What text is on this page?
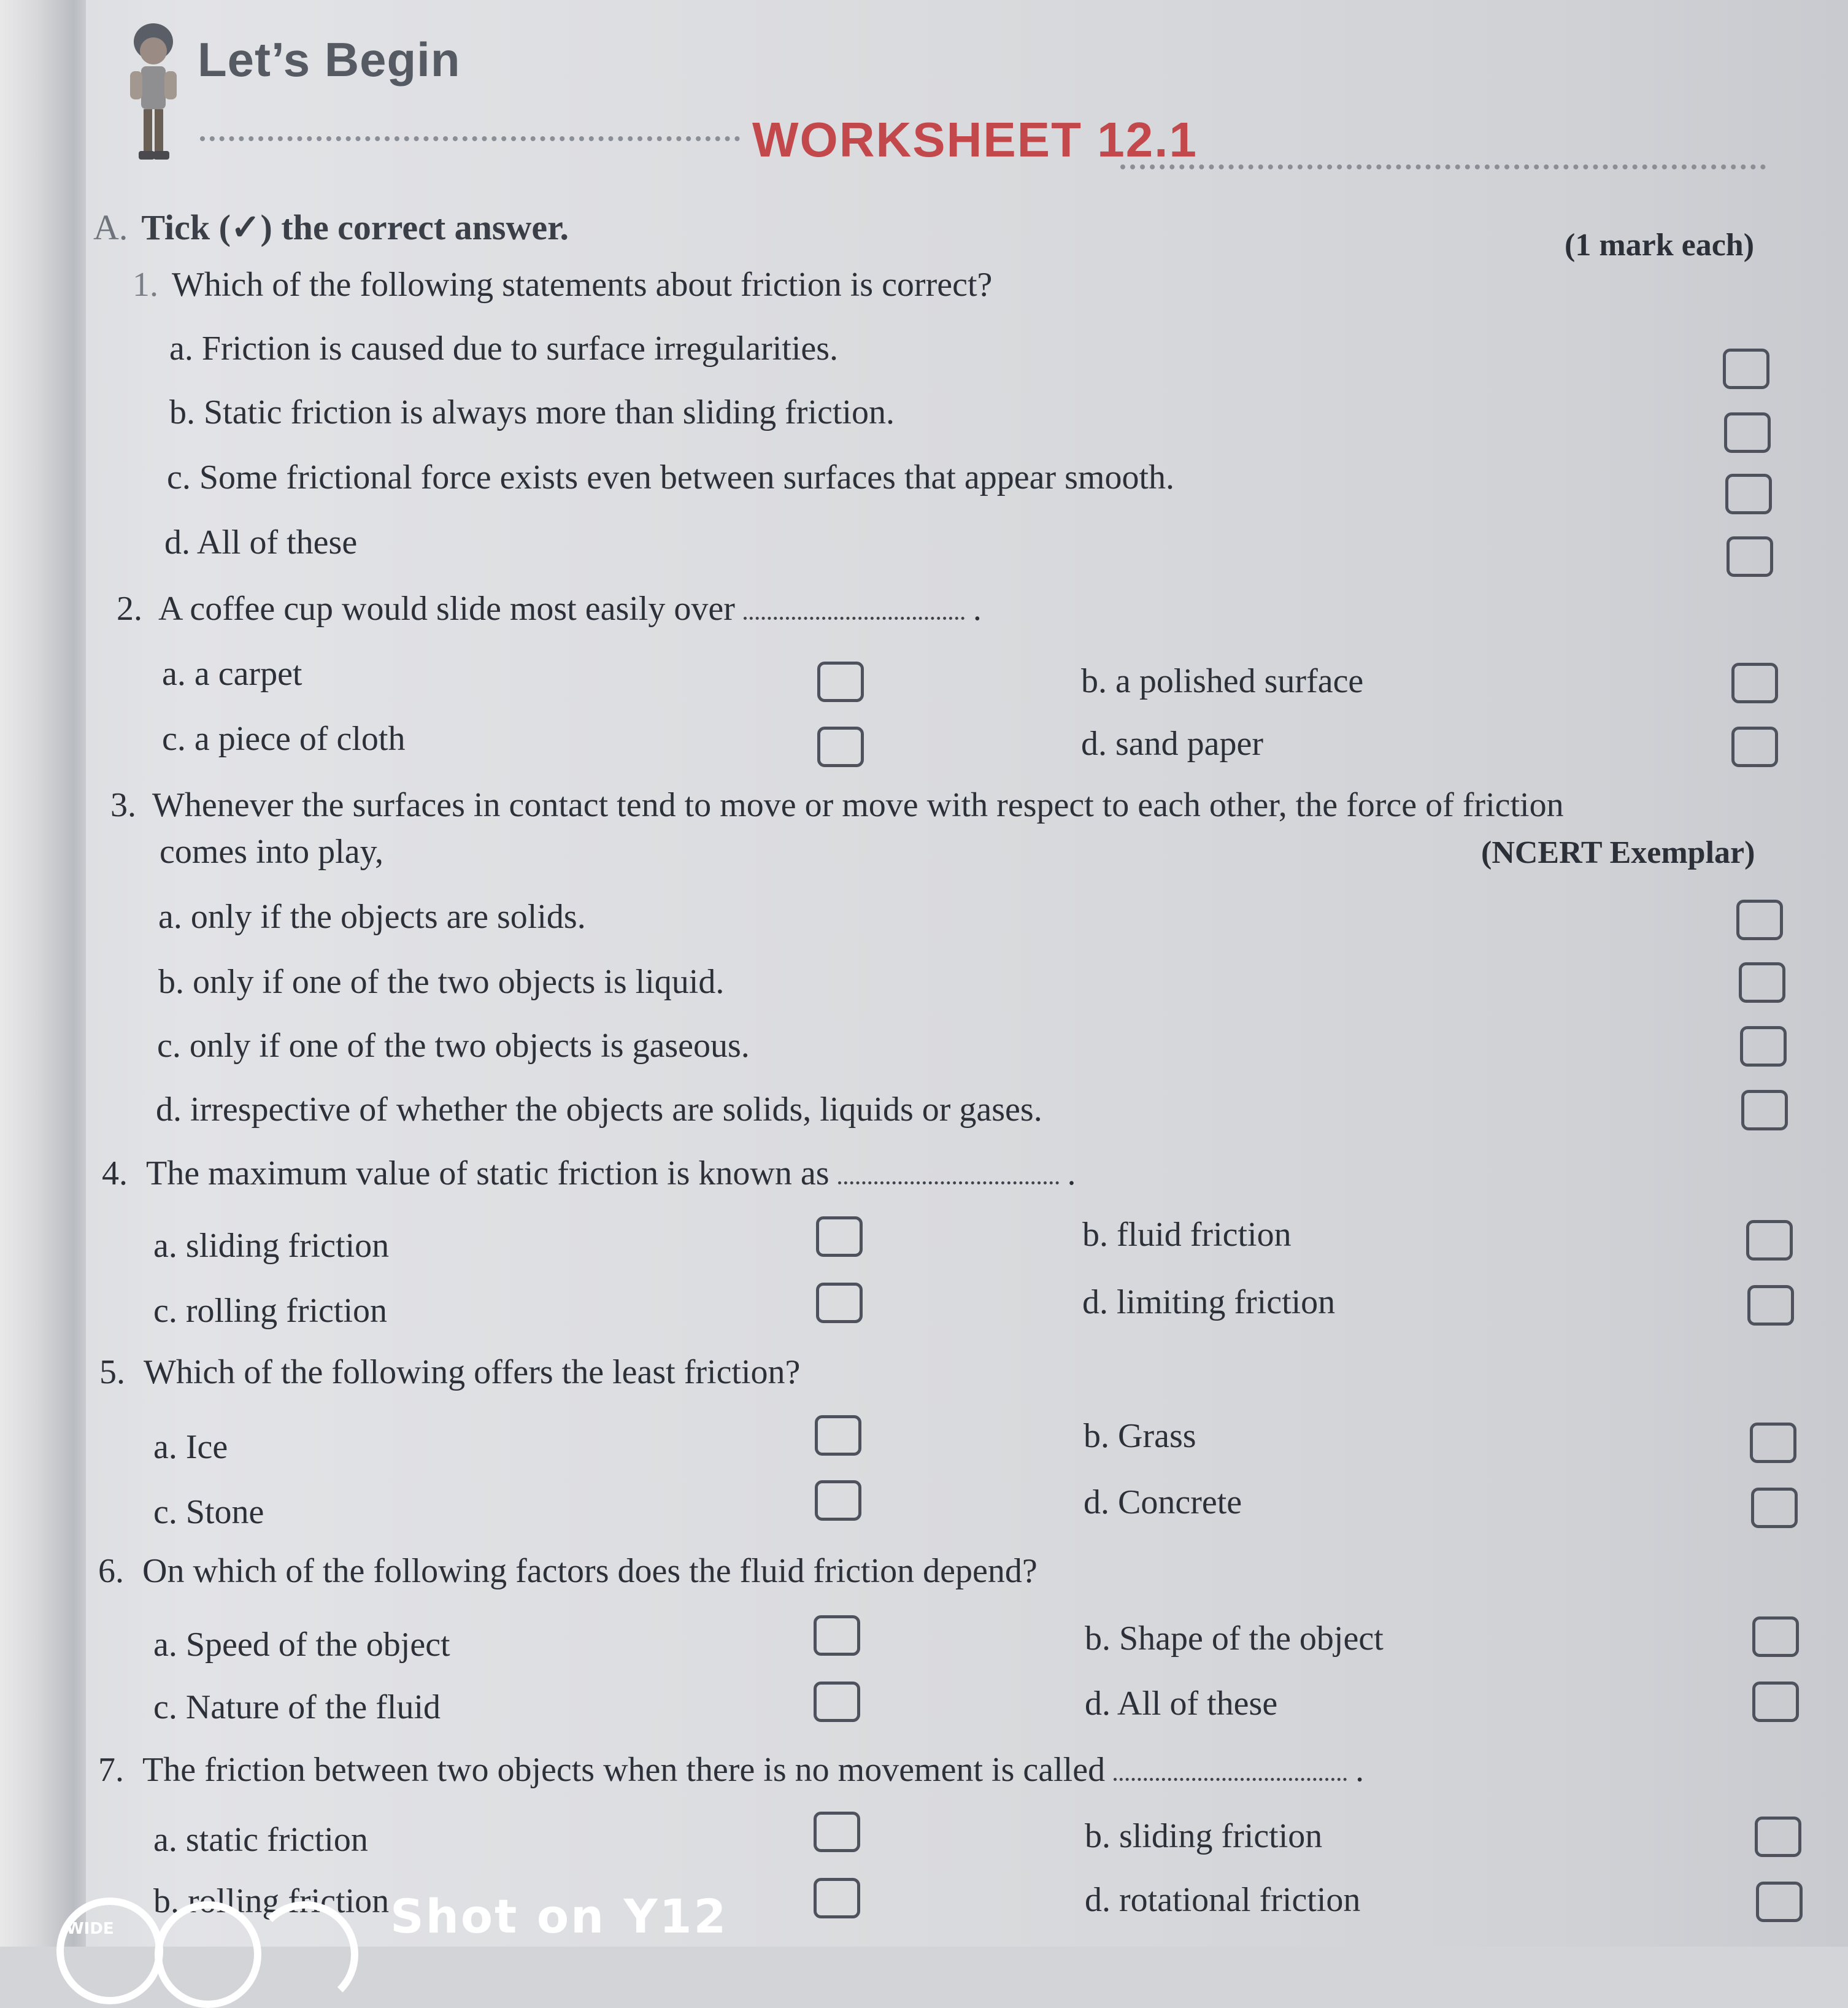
Let’s Begin
WORKSHEET 12.1
A. Tick (✓) the correct answer.	(1 mark each)
1. Which of the following statements about friction is correct?
a. Friction is caused due to surface irregularities.
b. Static friction is always more than sliding friction.
c. Some frictional force exists even between surfaces that appear smooth.
d. All of these
2. A coffee cup would slide most easily over	.
a. a carpet	b. a polished surface
c. a piece of cloth	d. sand paper
3. Whenever the surfaces in contact tend to move or move with respect to each other, the force of friction
comes into play,	(NCERT Exemplar)
a. only if the objects are solids.
b. only if one of the two objects is liquid.
c. only if one of the two objects is gaseous.
d. irrespective of whether the objects are solids, liquids or gases.
4. The maximum value of static friction is known as	.
a. sliding friction	b. fluid friction
c. rolling friction	d. limiting friction
5. Which of the following offers the least friction?
a. Ice	b. Grass
c. Stone	d. Concrete
6. On which of the following factors does the fluid friction depend?
a. Speed of the object	b. Shape of the object
c. Nature of the fluid	d. All of these
7. The friction between two objects when there is no movement is called	.
a. static friction	b. sliding friction
b. rolling friction	d. rotational friction
WIDE	Shot on Y12
